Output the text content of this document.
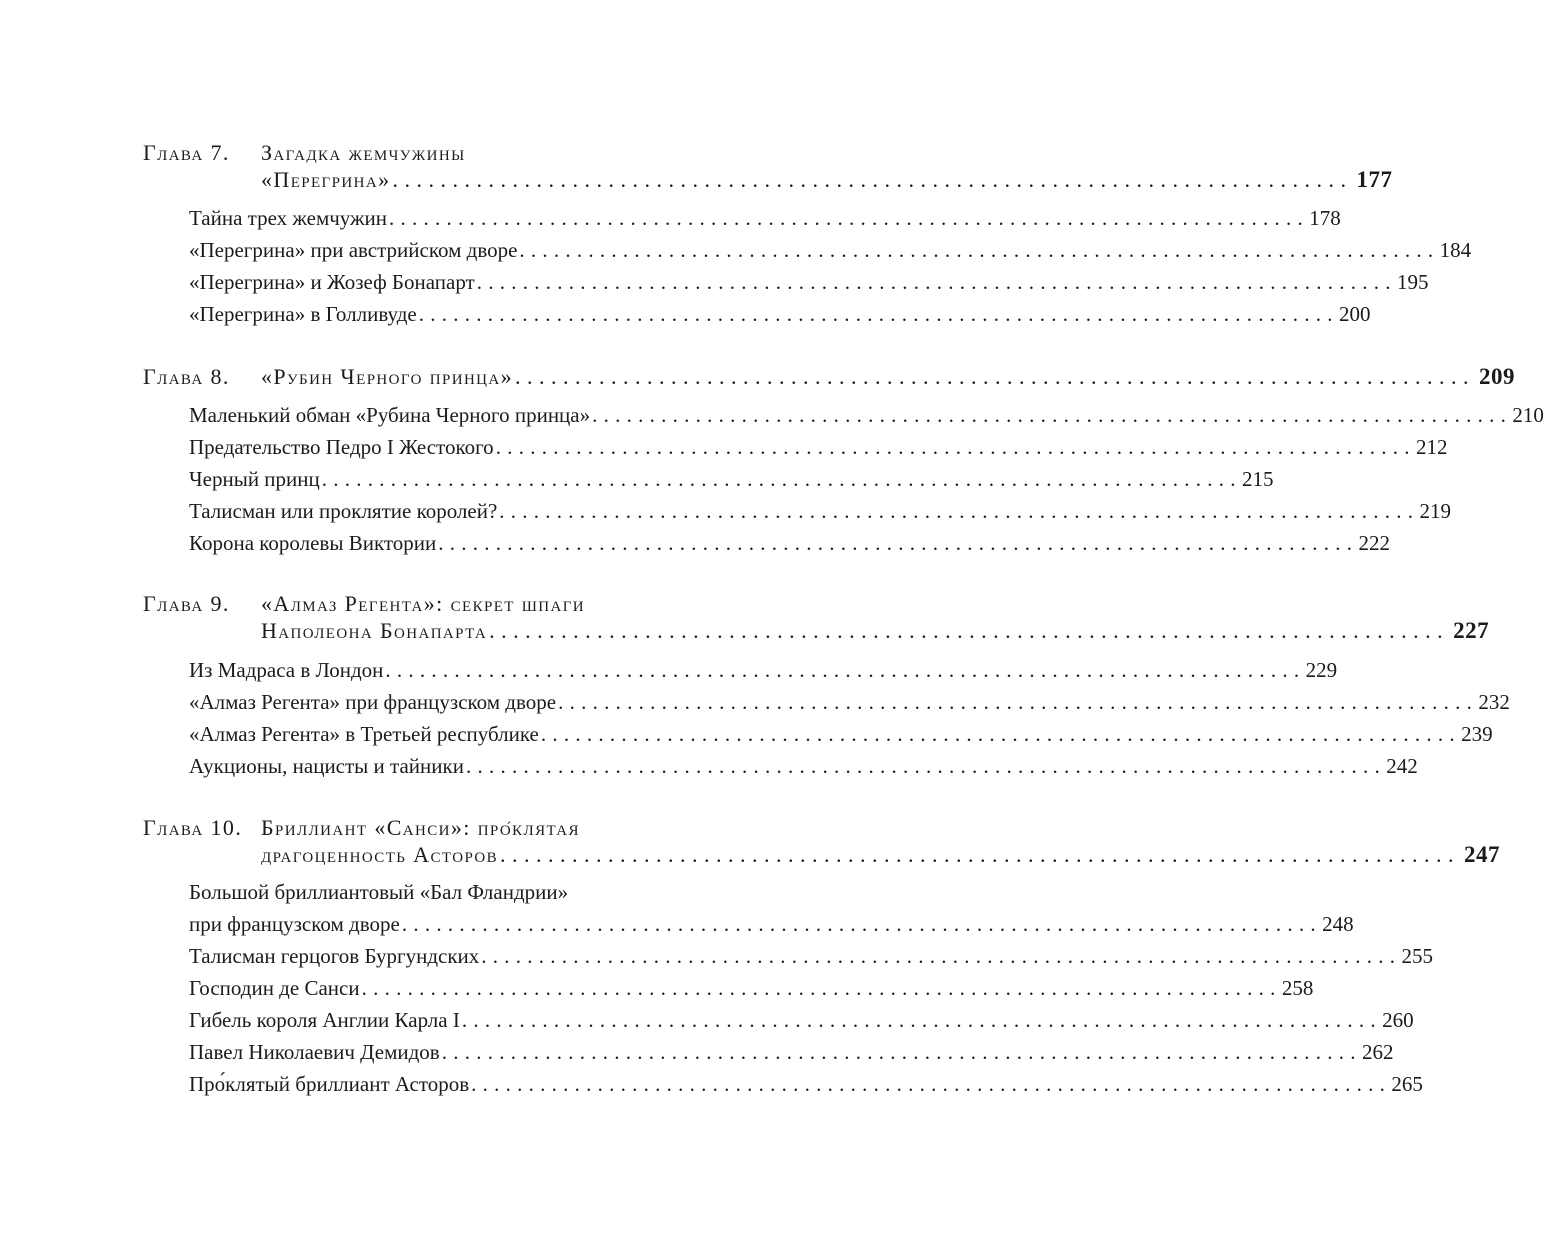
Глава 7. Загадка жемчужины
«Перегрина» . . . . . . . . . . . . . . . . . . . . . . . . . . . . . . . . . . . . . . . . . . . . . . . . . . . . . . . . . . . . . . . . . . . . . . . . . . . . . . . . 177
Тайна трех жемчужин . . . . . . . . . . . . . . . . . . . . . . . . . . . . . . . . . . . . . . . . . . . . . . . . . . . . . . . . . . . . . . . . . . . . . . . . . . . . . . . . 178
«Перегрина» при австрийском дворе . . . . . . . . . . . . . . . . . . . . . . . . . . . . . . . . . . . . . . . . . . . . . . . . . . . . . . . . . . . . . . . . . . . . . . . . . . . . . . . . 184
«Перегрина» и Жозеф Бонапарт . . . . . . . . . . . . . . . . . . . . . . . . . . . . . . . . . . . . . . . . . . . . . . . . . . . . . . . . . . . . . . . . . . . . . . . . . . . . . . . . 195
«Перегрина» в Голливуде . . . . . . . . . . . . . . . . . . . . . . . . . . . . . . . . . . . . . . . . . . . . . . . . . . . . . . . . . . . . . . . . . . . . . . . . . . . . . . . . 200
Глава 8. «Рубин Черного принца» . . . . . . . . . . . . . . . . . . . . . . . . . . . . . . . . . . . . . . . . . . . . . . . . . . . . . . . . . . . . . . . . . . . . . . . . . . . . . . . . 209
Маленький обман «Рубина Черного принца» . . . . . . . . . . . . . . . . . . . . . . . . . . . . . . . . . . . . . . . . . . . . . . . . . . . . . . . . . . . . . . . . . . . . . . . . . . . . . . . . 210
Предательство Педро I Жестокого . . . . . . . . . . . . . . . . . . . . . . . . . . . . . . . . . . . . . . . . . . . . . . . . . . . . . . . . . . . . . . . . . . . . . . . . . . . . . . . . 212
Черный принц . . . . . . . . . . . . . . . . . . . . . . . . . . . . . . . . . . . . . . . . . . . . . . . . . . . . . . . . . . . . . . . . . . . . . . . . . . . . . . . . 215
Талисман или проклятие королей? . . . . . . . . . . . . . . . . . . . . . . . . . . . . . . . . . . . . . . . . . . . . . . . . . . . . . . . . . . . . . . . . . . . . . . . . . . . . . . . . 219
Корона королевы Виктории . . . . . . . . . . . . . . . . . . . . . . . . . . . . . . . . . . . . . . . . . . . . . . . . . . . . . . . . . . . . . . . . . . . . . . . . . . . . . . . . 222
Глава 9. «Алмаз Регента»: секрет шпаги
Наполеона Бонапарта . . . . . . . . . . . . . . . . . . . . . . . . . . . . . . . . . . . . . . . . . . . . . . . . . . . . . . . . . . . . . . . . . . . . . . . . . . . . . . . . 227
Из Мадраса в Лондон . . . . . . . . . . . . . . . . . . . . . . . . . . . . . . . . . . . . . . . . . . . . . . . . . . . . . . . . . . . . . . . . . . . . . . . . . . . . . . . . 229
«Алмаз Регента» при французском дворе . . . . . . . . . . . . . . . . . . . . . . . . . . . . . . . . . . . . . . . . . . . . . . . . . . . . . . . . . . . . . . . . . . . . . . . . . . . . . . . . 232
«Алмаз Регента» в Третьей республике . . . . . . . . . . . . . . . . . . . . . . . . . . . . . . . . . . . . . . . . . . . . . . . . . . . . . . . . . . . . . . . . . . . . . . . . . . . . . . . . 239
Аукционы, нацисты и тайники . . . . . . . . . . . . . . . . . . . . . . . . . . . . . . . . . . . . . . . . . . . . . . . . . . . . . . . . . . . . . . . . . . . . . . . . . . . . . . . . 242
Глава 10. Бриллиант «Санси»: про́клятая
драгоценность Асторов . . . . . . . . . . . . . . . . . . . . . . . . . . . . . . . . . . . . . . . . . . . . . . . . . . . . . . . . . . . . . . . . . . . . . . . . . . . . . . . . 247
Большой бриллиантовый «Бал Фландрии»
при французском дворе . . . . . . . . . . . . . . . . . . . . . . . . . . . . . . . . . . . . . . . . . . . . . . . . . . . . . . . . . . . . . . . . . . . . . . . . . . . . . . . . 248
Талисман герцогов Бургундских . . . . . . . . . . . . . . . . . . . . . . . . . . . . . . . . . . . . . . . . . . . . . . . . . . . . . . . . . . . . . . . . . . . . . . . . . . . . . . . . 255
Господин де Санси . . . . . . . . . . . . . . . . . . . . . . . . . . . . . . . . . . . . . . . . . . . . . . . . . . . . . . . . . . . . . . . . . . . . . . . . . . . . . . . . 258
Гибель короля Англии Карла I . . . . . . . . . . . . . . . . . . . . . . . . . . . . . . . . . . . . . . . . . . . . . . . . . . . . . . . . . . . . . . . . . . . . . . . . . . . . . . . . 260
Павел Николаевич Демидов . . . . . . . . . . . . . . . . . . . . . . . . . . . . . . . . . . . . . . . . . . . . . . . . . . . . . . . . . . . . . . . . . . . . . . . . . . . . . . . . 262
Про́клятый бриллиант Асторов . . . . . . . . . . . . . . . . . . . . . . . . . . . . . . . . . . . . . . . . . . . . . . . . . . . . . . . . . . . . . . . . . . . . . . . . . . . . . . . . 265
